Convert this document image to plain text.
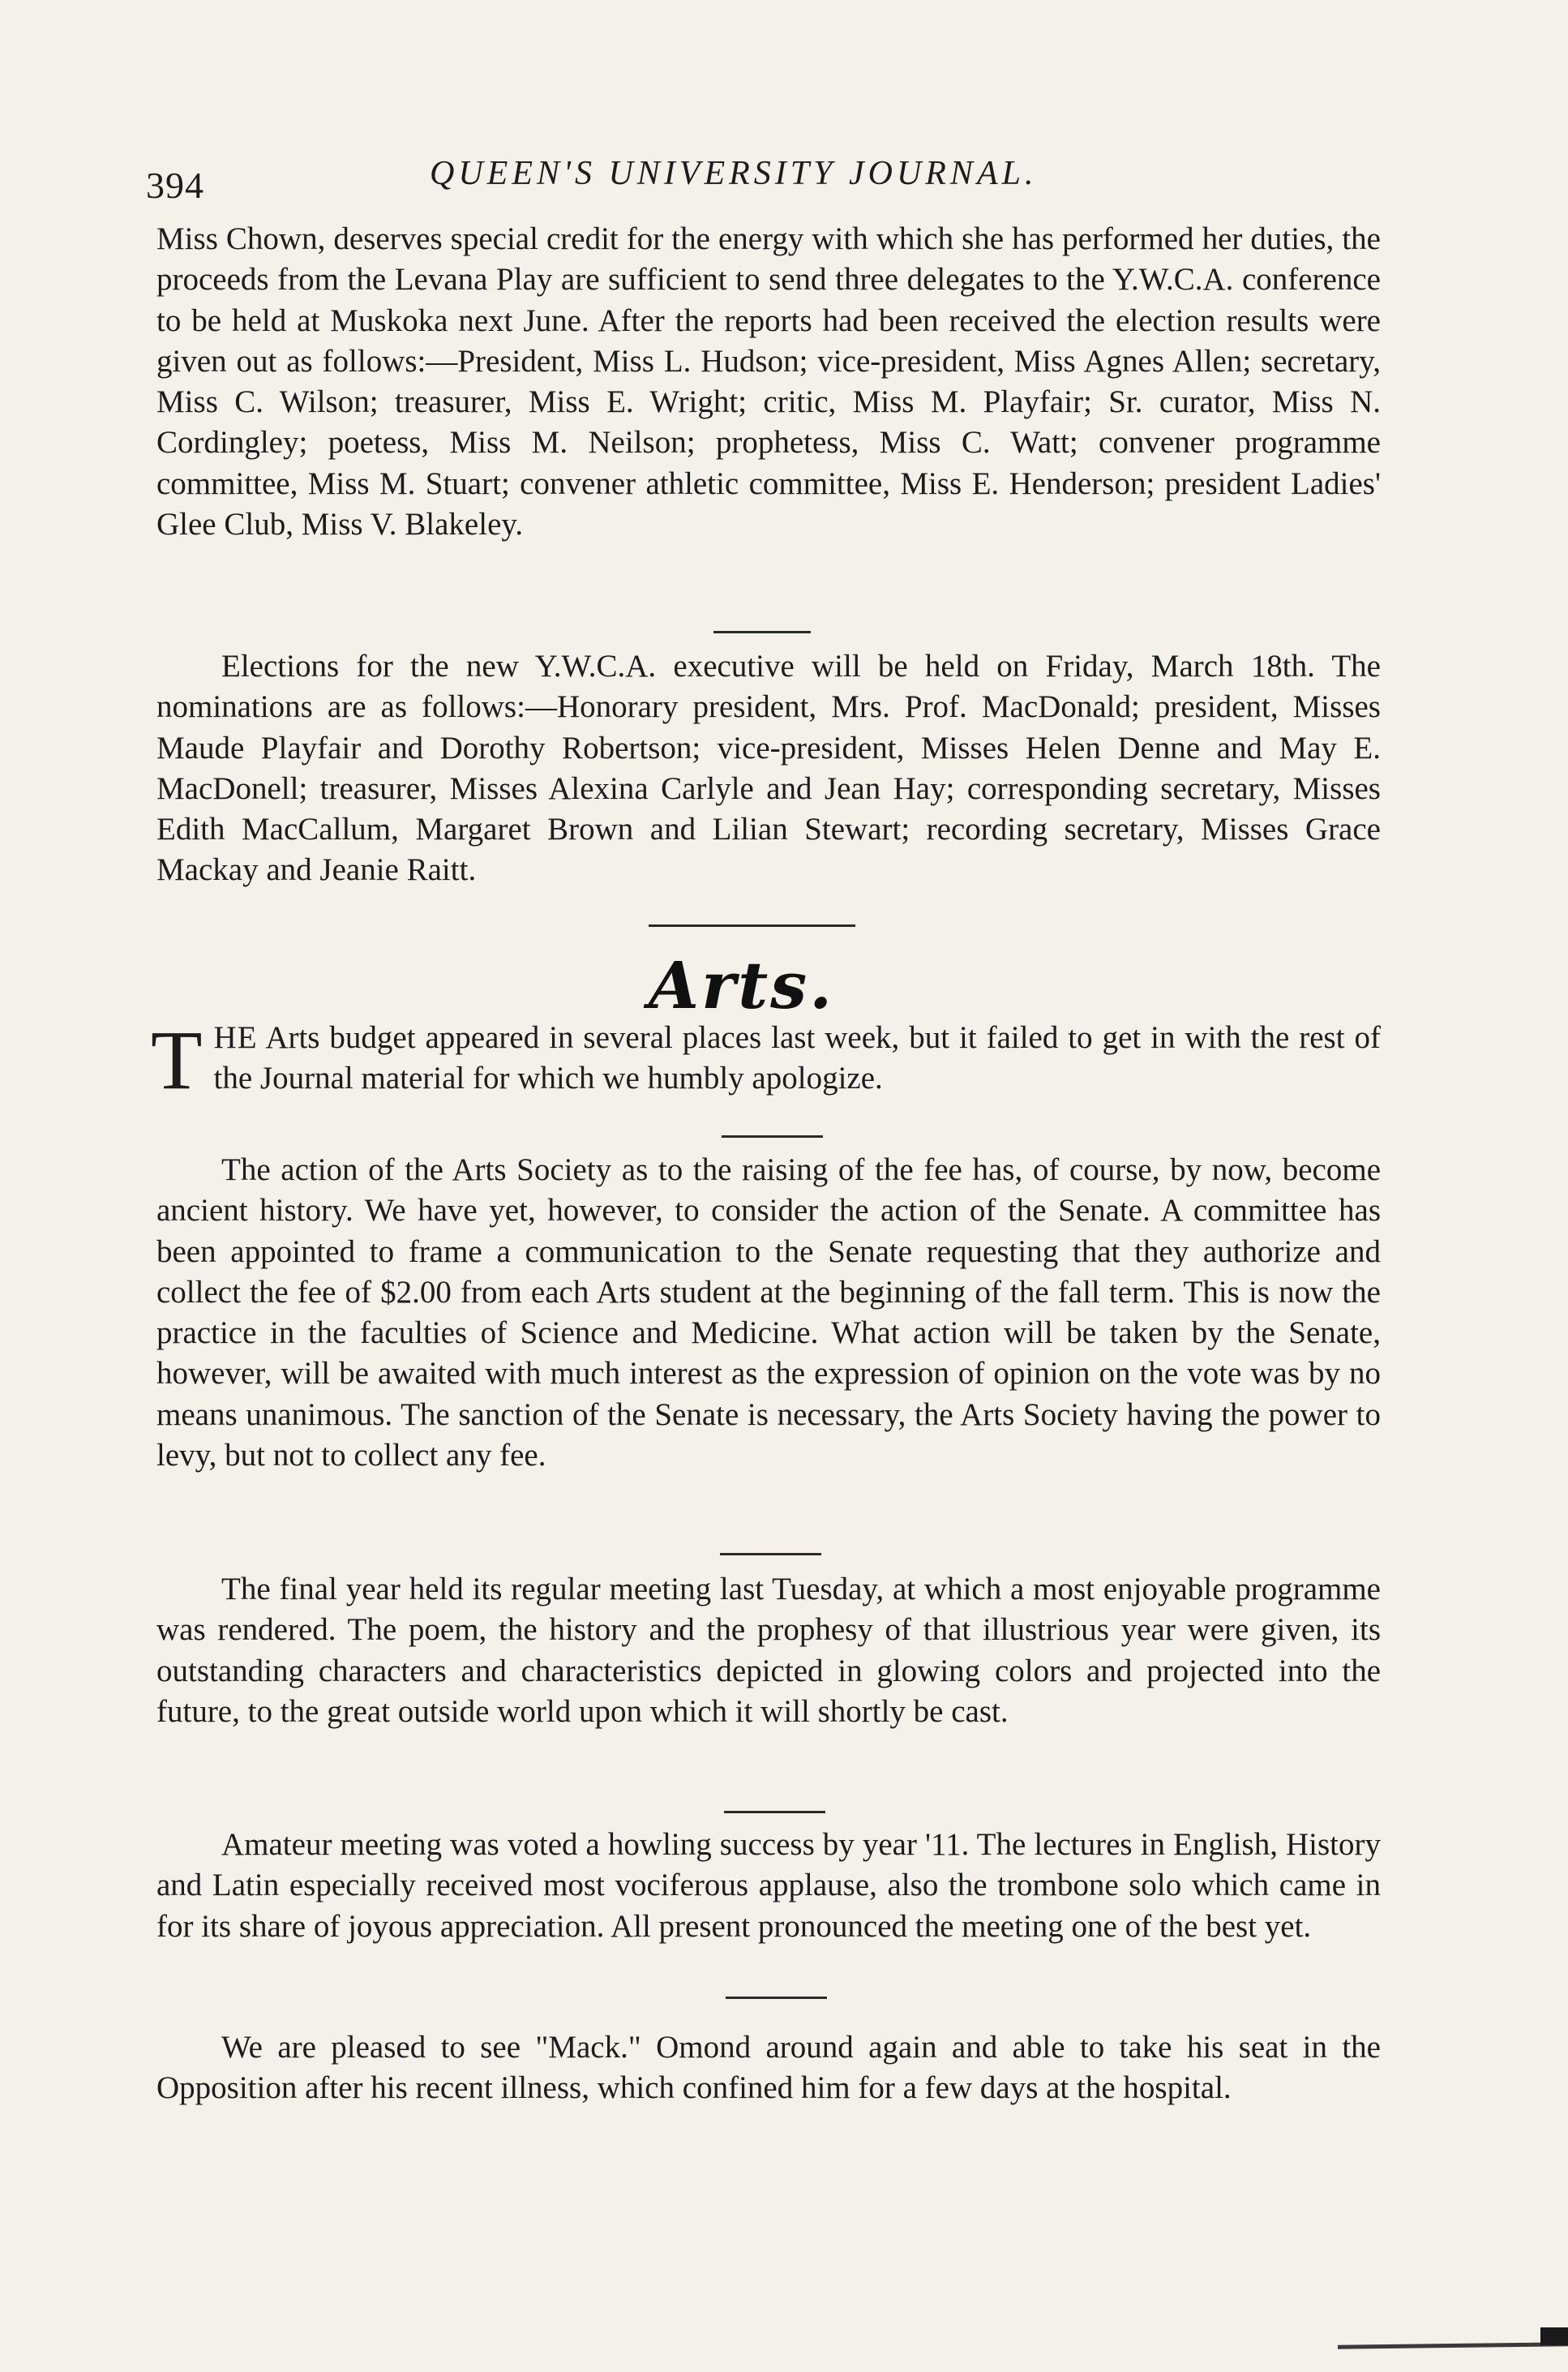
394	QUEEN'S UNIVERSITY JOURNAL.

Miss Chown, deserves special credit for the energy with which she has performed her duties, the proceeds from the Levana Play are sufficient to send three delegates to the Y.W.C.A. conference to be held at Muskoka next June. After the reports had been received the election results were given out as follows:—President, Miss L. Hudson; vice-president, Miss Agnes Allen; secretary, Miss C. Wilson; treasurer, Miss E. Wright; critic, Miss M. Playfair; Sr. curator, Miss N. Cordingley; poetess, Miss M. Neilson; prophetess, Miss C. Watt; convener programme committee, Miss M. Stuart; convener athletic committee, Miss E. Henderson; president Ladies' Glee Club, Miss V. Blakeley.

Elections for the new Y.W.C.A. executive will be held on Friday, March 18th. The nominations are as follows:—Honorary president, Mrs. Prof. MacDonald; president, Misses Maude Playfair and Dorothy Robertson; vice-president, Misses Helen Denne and May E. MacDonell; treasurer, Misses Alexina Carlyle and Jean Hay; corresponding secretary, Misses Edith MacCallum, Margaret Brown and Lilian Stewart; recording secretary, Misses Grace Mackay and Jeanie Raitt.

Arts.
THE Arts budget appeared in several places last week, but it failed to get in with the rest of the Journal material for which we humbly apologize.

The action of the Arts Society as to the raising of the fee has, of course, by now, become ancient history. We have yet, however, to consider the action of the Senate. A committee has been appointed to frame a communication to the Senate requesting that they authorize and collect the fee of $2.00 from each Arts student at the beginning of the fall term. This is now the practice in the faculties of Science and Medicine. What action will be taken by the Senate, however, will be awaited with much interest as the expression of opinion on the vote was by no means unanimous. The sanction of the Senate is necessary, the Arts Society having the power to levy, but not to collect any fee.

The final year held its regular meeting last Tuesday, at which a most enjoyable programme was rendered. The poem, the history and the prophesy of that illustrious year were given, its outstanding characters and characteristics depicted in glowing colors and projected into the future, to the great outside world upon which it will shortly be cast.

Amateur meeting was voted a howling success by year '11. The lectures in English, History and Latin especially received most vociferous applause, also the trombone solo which came in for its share of joyous appreciation. All present pronounced the meeting one of the best yet.

We are pleased to see "Mack." Omond around again and able to take his seat in the Opposition after his recent illness, which confined him for a few days at the hospital.
